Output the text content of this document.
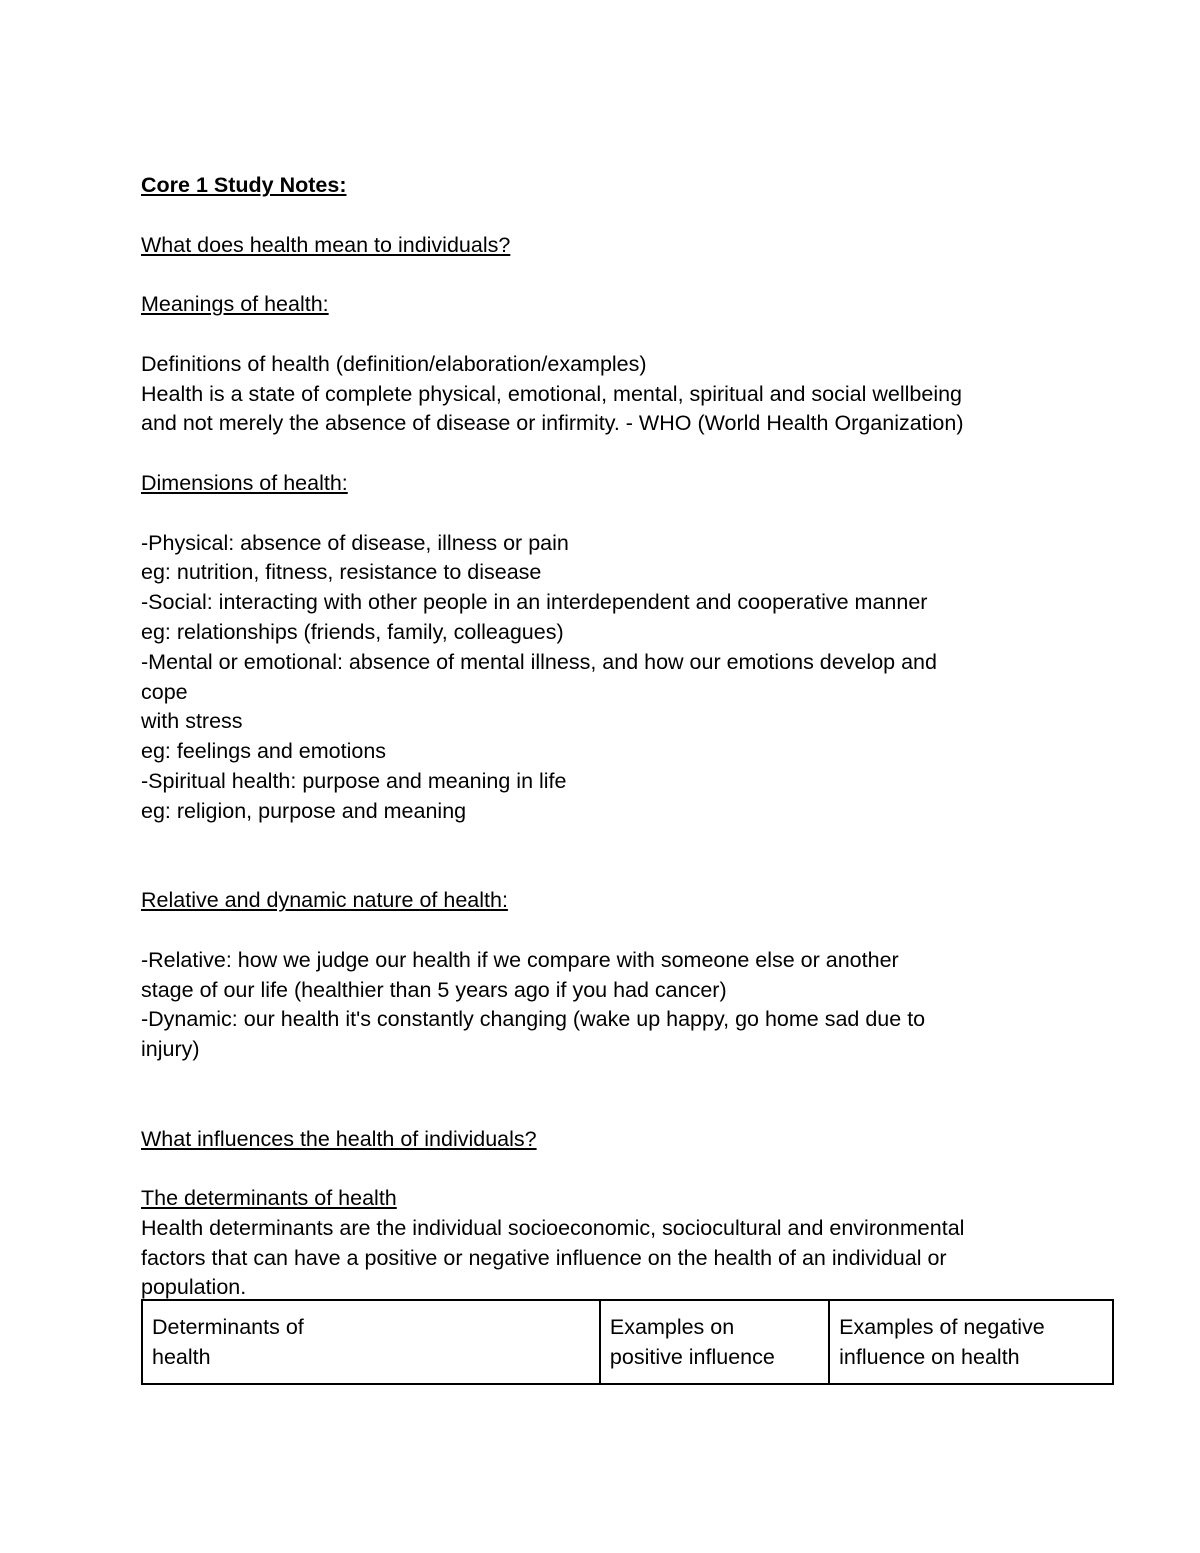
Core 1 Study Notes:
What does health mean to individuals?
Meanings of health:
Definitions of health (definition/elaboration/examples)
Health is a state of complete physical, emotional, mental, spiritual and social wellbeing
and not merely the absence of disease or infirmity. - WHO (World Health Organization)
Dimensions of health:
-Physical: absence of disease, illness or pain
eg: nutrition, fitness, resistance to disease
-Social: interacting with other people in an interdependent and cooperative manner
eg: relationships (friends, family, colleagues)
-Mental or emotional: absence of mental illness, and how our emotions develop and
cope
with stress
eg: feelings and emotions
-Spiritual health: purpose and meaning in life
eg: religion, purpose and meaning
Relative and dynamic nature of health:
-Relative: how we judge our health if we compare with someone else or another
stage of our life (healthier than 5 years ago if you had cancer)
-Dynamic: our health it's constantly changing (wake up happy, go home sad due to
injury)
What influences the health of individuals?
The determinants of health
Health determinants are the individual socioeconomic, sociocultural and environmental
factors that can have a positive or negative influence on the health of an individual or
population.
Determinants of
health

Examples on
positive influence

Examples of negative
influence on health
